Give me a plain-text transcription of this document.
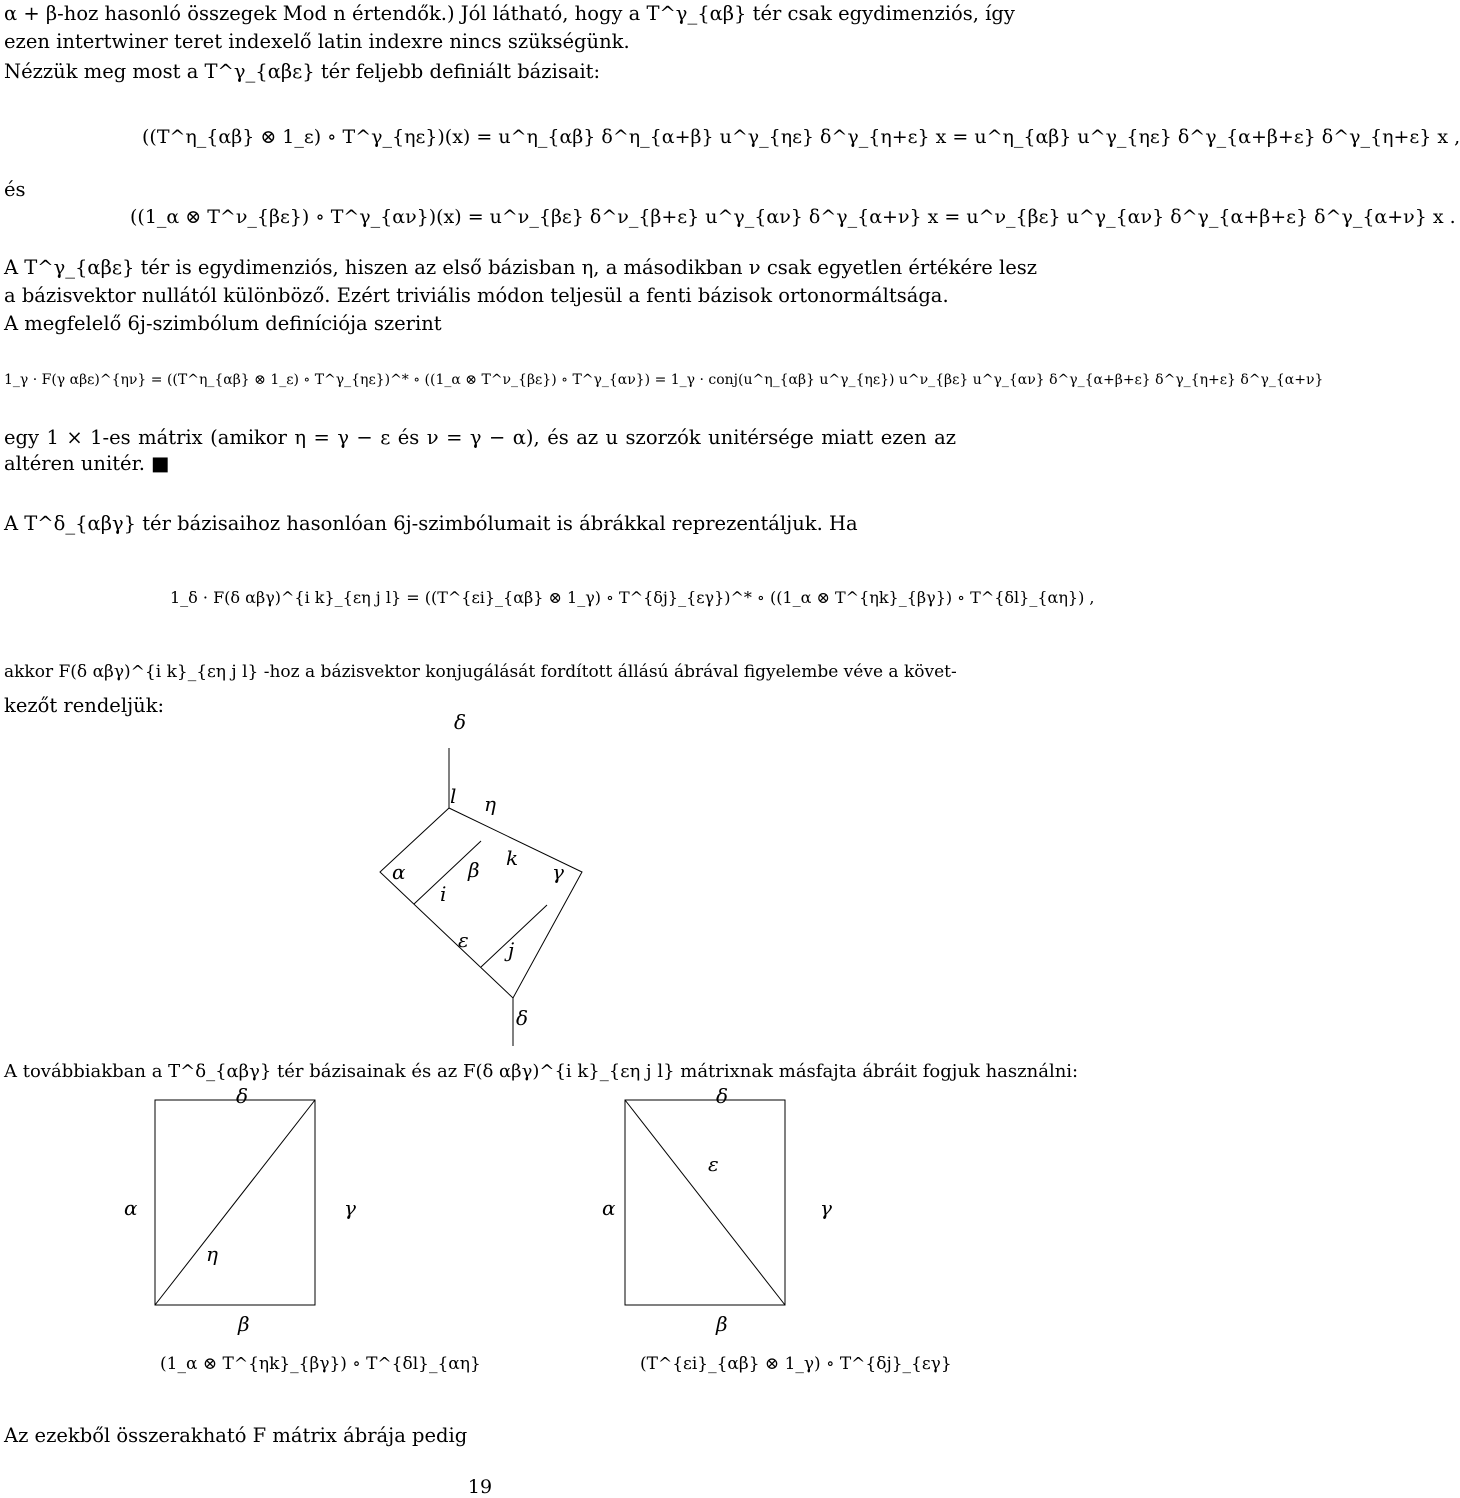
α + β-hoz hasonló összegek Mod n értendők.) Jól látható, hogy a T^γ_{αβ} tér csak egydimenziós, így
ezen intertwiner teret indexelő latin indexre nincs szükségünk.
Nézzük meg most a T^γ_{αβε} tér feljebb definiált bázisait:
((T^η_{αβ} ⊗ 1_ε) ∘ T^γ_{ηε})(x) = u^η_{αβ} δ^η_{α+β} u^γ_{ηε} δ^γ_{η+ε} x = u^η_{αβ} u^γ_{ηε} δ^γ_{α+β+ε} δ^γ_{η+ε} x ,
és
((1_α ⊗ T^ν_{βε}) ∘ T^γ_{αν})(x) = u^ν_{βε} δ^ν_{β+ε} u^γ_{αν} δ^γ_{α+ν} x = u^ν_{βε} u^γ_{αν} δ^γ_{α+β+ε} δ^γ_{α+ν} x .
A T^γ_{αβε} tér is egydimenziós, hiszen az első bázisban η, a másodikban ν csak egyetlen értékére lesz
a bázisvektor nullától különböző. Ezért triviális módon teljesül a fenti bázisok ortonormáltsága.
A megfelelő 6j-szimbólum definíciója szerint
1_γ · F(γ αβε)^{ην} = ((T^η_{αβ} ⊗ 1_ε) ∘ T^γ_{ηε})^* ∘ ((1_α ⊗ T^ν_{βε}) ∘ T^γ_{αν}) = 1_γ · conj(u^η_{αβ} u^γ_{ηε}) u^ν_{βε} u^γ_{αν} δ^γ_{α+β+ε} δ^γ_{η+ε} δ^γ_{α+ν}
egy 1 × 1-es mátrix (amikor η = γ − ε és ν = γ − α), és az u szorzók unitérsége miatt ezen az
altéren unitér. ■
A T^δ_{αβγ} tér bázisaihoz hasonlóan 6j-szimbólumait is ábrákkal reprezentáljuk. Ha
1_δ · F(δ αβγ)^{i k}_{εη j l} = ((T^{εi}_{αβ} ⊗ 1_γ) ∘ T^{δj}_{εγ})^* ∘ ((1_α ⊗ T^{ηk}_{βγ}) ∘ T^{δl}_{αη}) ,
akkor F(δ αβγ)^{i k}_{εη j l} -hoz a bázisvektor konjugálását fordított állású ábrával figyelembe véve a követ-
kezőt rendeljük:
δ
l η
α	β k
γ
i
ε j
δ
A továbbiakban a T^δ_{αβγ} tér bázisainak és az F(δ αβγ)^{i k}_{εη j l} mátrixnak másfajta ábráit fogjuk használni:
δ
α	γ
η
β
(1_α ⊗ T^{ηk}_{βγ}) ∘ T^{δl}_{αη}
δ
ε
α	γ
β
(T^{εi}_{αβ} ⊗ 1_γ) ∘ T^{δj}_{εγ}
Az ezekből összerakható F mátrix ábrája pedig
19
